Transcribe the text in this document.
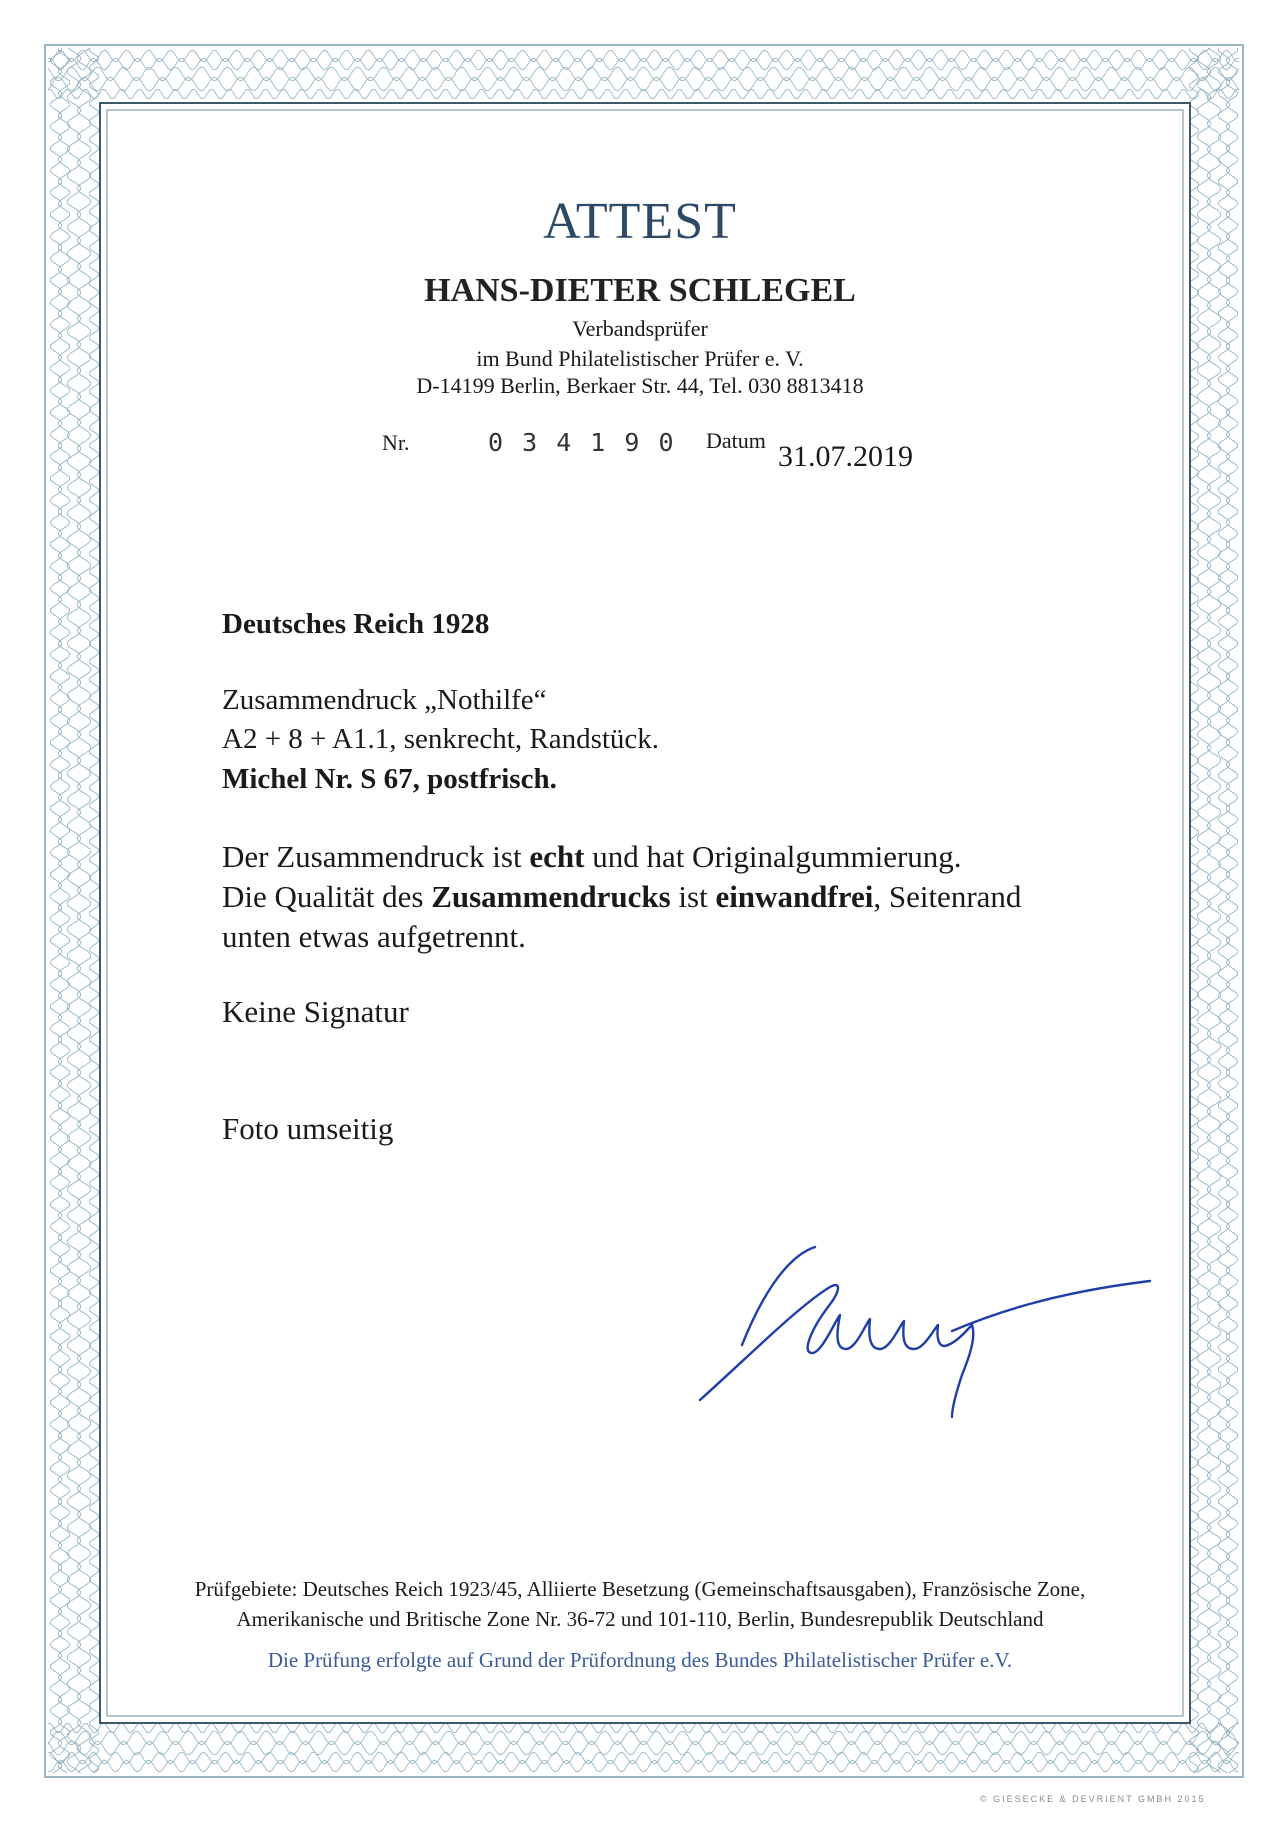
ATTEST
HANS-DIETER SCHLEGEL
Verbandsprüfer
im Bund Philatelistischer Prüfer e. V.
D-14199 Berlin, Berkaer Str. 44, Tel. 030 8813418
Nr.	0 3 4 1 9 0 Datum 31.07.2019
Deutsches Reich 1928
Zusammendruck „Nothilfe“
A2 + 8 + A1.1, senkrecht, Randstück.
Michel Nr. S 67, postfrisch.
Der Zusammendruck ist echt und hat Originalgummierung.
Die Qualität des Zusammendrucks ist einwandfrei, Seitenrand
unten etwas aufgetrennt.
Keine Signatur
Foto umseitig
Prüfgebiete: Deutsches Reich 1923/45, Alliierte Besetzung (Gemeinschaftsausgaben), Französische Zone,
Amerikanische und Britische Zone Nr. 36-72 und 101-110, Berlin, Bundesrepublik Deutschland
Die Prüfung erfolgte auf Grund der Prüfordnung des Bundes Philatelistischer Prüfer e.V.
© GIESECKE & DEVRIENT GMBH 2015
